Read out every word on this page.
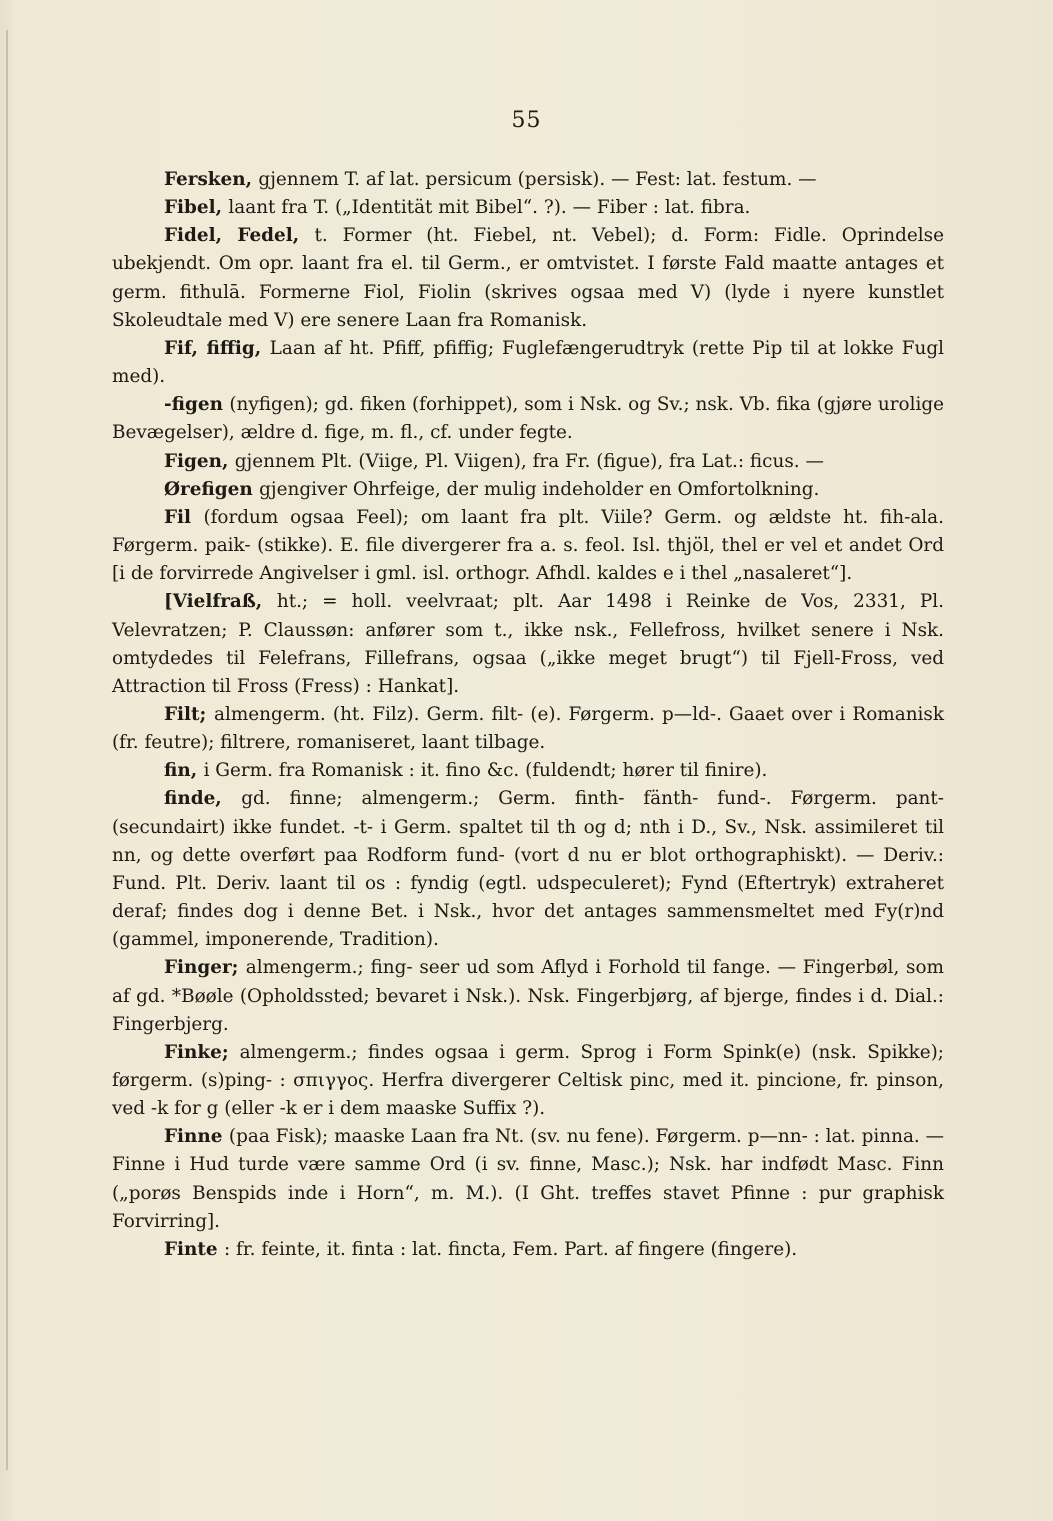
55

Fersken, gjennem T. af lat. persicum (persisk). — Fest: lat. festum. —

Fibel, laant fra T. („Identität mit Bibel“. ?). — Fiber : lat. fibra.

Fidel, Fedel, t. Former (ht. Fiebel, nt. Vebel); d. Form: Fidle. Oprindelse ubekjendt. Om opr. laant fra el. til Germ., er omtvistet. I første Fald maatte antages et germ. fithulā. Formerne Fiol, Fiolin (skrives ogsaa med V) (lyde i nyere kunstlet Skoleudtale med V) ere senere Laan fra Romanisk.

Fif, fiffig, Laan af ht. Pfiff, pfiffig; Fuglefængerudtryk (rette Pip til at lokke Fugl med).

-figen (nyfigen); gd. fiken (forhippet), som i Nsk. og Sv.; nsk. Vb. fika (gjøre urolige Bevægelser), ældre d. fige, m. fl., cf. under fegte.

Figen, gjennem Plt. (Viige, Pl. Viigen), fra Fr. (figue), fra Lat.: ficus. —

Ørefigen gjengiver Ohrfeige, der mulig indeholder en Omfortolkning.

Fil (fordum ogsaa Feel); om laant fra plt. Viile? Germ. og ældste ht. fih-ala. Førgerm. paik- (stikke). E. file divergerer fra a. s. feol. Isl. thjöl, thel er vel et andet Ord [i de forvirrede Angivelser i gml. isl. orthogr. Afhdl. kaldes e i thel „nasaleret“].

[Vielfraß, ht.; = holl. veelvraat; plt. Aar 1498 i Reinke de Vos, 2331, Pl. Velevratzen; P. Claussøn: anfører som t., ikke nsk., Fellefross, hvilket senere i Nsk. omtydedes til Felefrans, Fillefrans, ogsaa („ikke meget brugt“) til Fjell-Fross, ved Attraction til Fross (Fress) : Hankat].

Filt; almengerm. (ht. Filz). Germ. filt- (e). Førgerm. p—ld-. Gaaet over i Romanisk (fr. feutre); filtrere, romaniseret, laant tilbage.

fin, i Germ. fra Romanisk : it. fino &c. (fuldendt; hører til finire).

finde, gd. finne; almengerm.; Germ. finth- fänth- fund-. Førgerm. pant- (secundairt) ikke fundet. -t- i Germ. spaltet til th og d; nth i D., Sv., Nsk. assimileret til nn, og dette overført paa Rodform fund- (vort d nu er blot orthographiskt). — Deriv.: Fund. Plt. Deriv. laant til os : fyndig (egtl. udspeculeret); Fynd (Eftertryk) extraheret deraf; findes dog i denne Bet. i Nsk., hvor det antages sammensmeltet med Fy(r)nd (gammel, imponerende, Tradition).

Finger; almengerm.; fing- seer ud som Aflyd i Forhold til fange. — Fingerbøl, som af gd. *Bøøle (Opholdssted; bevaret i Nsk.). Nsk. Fingerbjørg, af bjerge, findes i d. Dial.: Fingerbjerg.

Finke; almengerm.; findes ogsaa i germ. Sprog i Form Spink(e) (nsk. Spikke); førgerm. (s)ping- : σπιγγος. Herfra divergerer Celtisk pinc, med it. pincione, fr. pinson, ved -k for g (eller -k er i dem maaske Suffix ?).

Finne (paa Fisk); maaske Laan fra Nt. (sv. nu fene). Førgerm. p—nn- : lat. pinna. — Finne i Hud turde være samme Ord (i sv. finne, Masc.); Nsk. har indfødt Masc. Finn („porøs Benspids inde i Horn“, m. M.). (I Ght. treffes stavet Pfinne : pur graphisk Forvirring].

Finte : fr. feinte, it. finta : lat. fincta, Fem. Part. af fingere (fingere).
